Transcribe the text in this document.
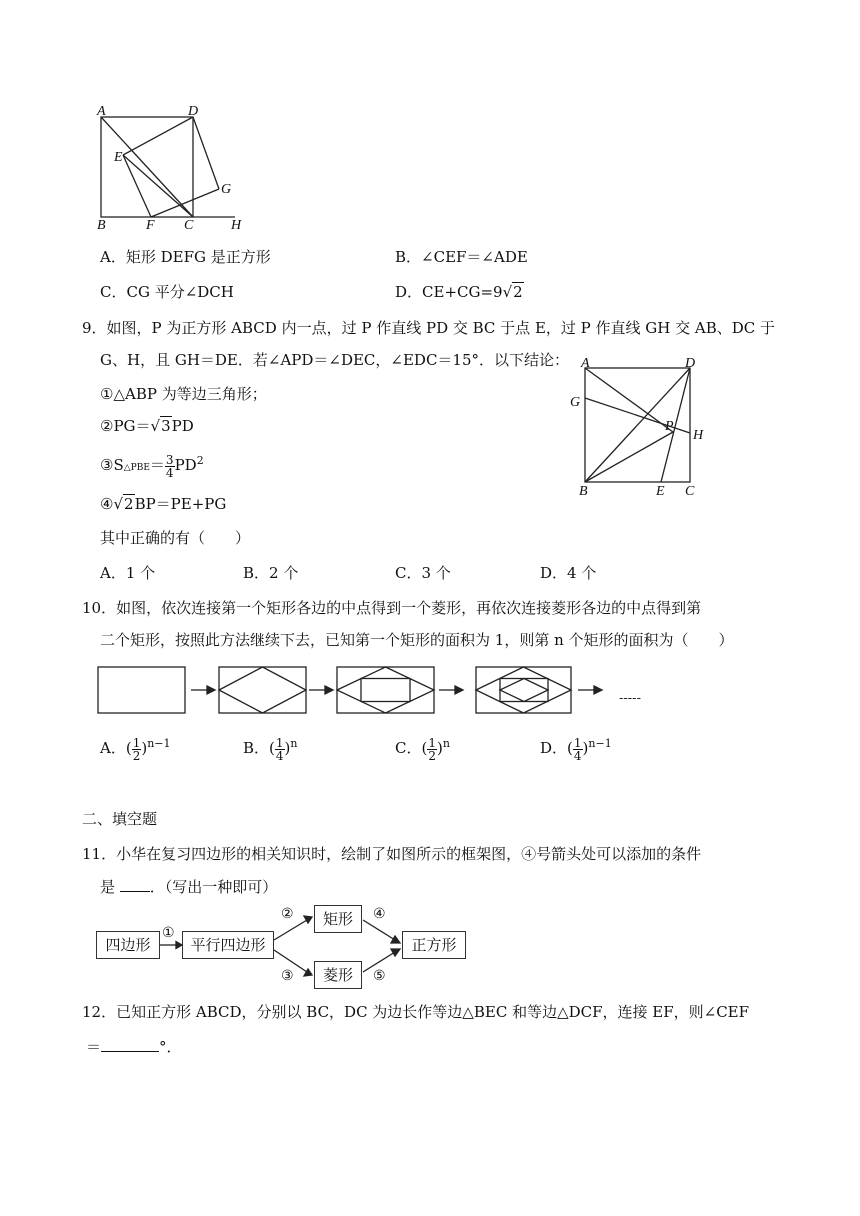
A	D
E
G
B	F C	H
A．矩形 DEFG 是正方形	B．∠CEF＝∠ADE
C．CG 平分∠DCH	D．CE+CG=9√2
9．如图，P 为正方形 ABCD 内一点，过 P 作直线 PD 交 BC 于点 E，过 P 作直线 GH 交 AB、DC 于
G、H，且 GH＝DE．若∠APD＝∠DEC，∠EDC＝15°．以下结论：
①△ABP 为等边三角形；
②PG＝√3PD
③S△PBE＝ $\frac{3}{4} PD^2$
④√2BP＝PE+PG
其中正确的有（　　）
A．1 个	B．2 个	C．3 个	D．4 个
A	D
G
P
H
B	E C
10．如图，依次连接第一个矩形各边的中点得到一个菱形，再依次连接菱形各边的中点得到第
二个矩形，按照此方法继续下去，已知第一个矩形的面积为 1，则第 n 个矩形的面积为（　　）
-----
A．( $\frac{1}{2} )^{n-1}$	B．( $\frac{1}{4} )^n$	C．( $\frac{1}{2} )^n$	D．( $\frac{1}{4} )^{n-1}$
二、填空题
11．小华在复习四边形的相关知识时，绘制了如图所示的框架图，④号箭头处可以添加的条件
是 ．（写出一种即可）
四边形	平行四边形
矩形
菱形
正方形
①
②
③
④
⑤
12．已知正方形 ABCD，分别以 BC，DC 为边长作等边△BEC 和等边△DCF，连接 EF，则∠CEF
＝	°．
